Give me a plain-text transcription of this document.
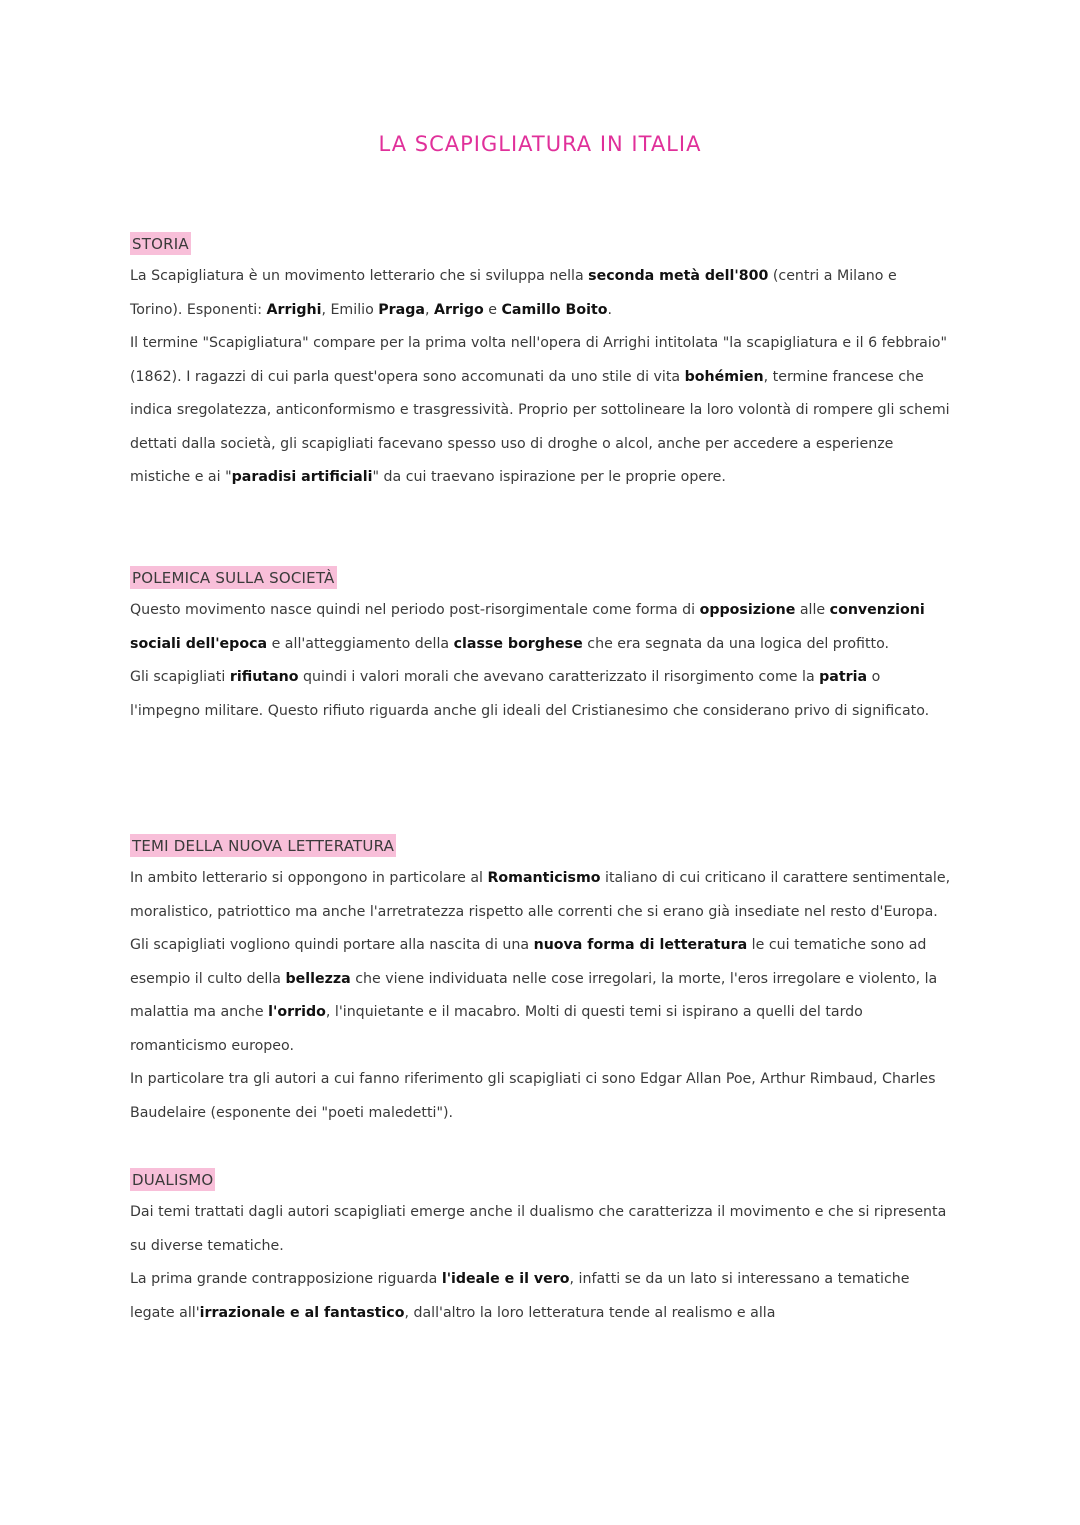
LA SCAPIGLIATURA IN ITALIA
STORIA
La Scapigliatura è un movimento letterario che si sviluppa nella seconda metà dell'800 (centri a Milano e Torino). Esponenti: Arrighi, Emilio Praga, Arrigo e Camillo Boito.
Il termine "Scapigliatura" compare per la prima volta nell'opera di Arrighi intitolata "la scapigliatura e il 6 febbraio" (1862). I ragazzi di cui parla quest'opera sono accomunati da uno stile di vita bohémien, termine francese che indica sregolatezza, anticonformismo e trasgressività. Proprio per sottolineare la loro volontà di rompere gli schemi dettati dalla società, gli scapigliati facevano spesso uso di droghe o alcol, anche per accedere a esperienze mistiche e ai "paradisi artificiali" da cui traevano ispirazione per le proprie opere.
POLEMICA SULLA SOCIETÀ
Questo movimento nasce quindi nel periodo post-risorgimentale come forma di opposizione alle convenzioni sociali dell'epoca e all'atteggiamento della classe borghese che era segnata da una logica del profitto.
Gli scapigliati rifiutano quindi i valori morali che avevano caratterizzato il risorgimento come la patria o l'impegno militare. Questo rifiuto riguarda anche gli ideali del Cristianesimo che considerano privo di significato.
TEMI DELLA NUOVA LETTERATURA
In ambito letterario si oppongono in particolare al Romanticismo italiano di cui criticano il carattere sentimentale, moralistico, patriottico ma anche l'arretratezza rispetto alle correnti che si erano già insediate nel resto d'Europa. Gli scapigliati vogliono quindi portare alla nascita di una nuova forma di letteratura le cui tematiche sono ad esempio il culto della bellezza che viene individuata nelle cose irregolari, la morte, l'eros irregolare e violento, la malattia ma anche l'orrido, l'inquietante e il macabro. Molti di questi temi si ispirano a quelli del tardo romanticismo europeo.
In particolare tra gli autori a cui fanno riferimento gli scapigliati ci sono Edgar Allan Poe, Arthur Rimbaud, Charles Baudelaire (esponente dei "poeti maledetti").
DUALISMO
Dai temi trattati dagli autori scapigliati emerge anche il dualismo che caratterizza il movimento e che si ripresenta su diverse tematiche.
La prima grande contrapposizione riguarda l'ideale e il vero, infatti se da un lato si interessano a tematiche legate all'irrazionale e al fantastico, dall'altro la loro letteratura tende al realismo e alla
